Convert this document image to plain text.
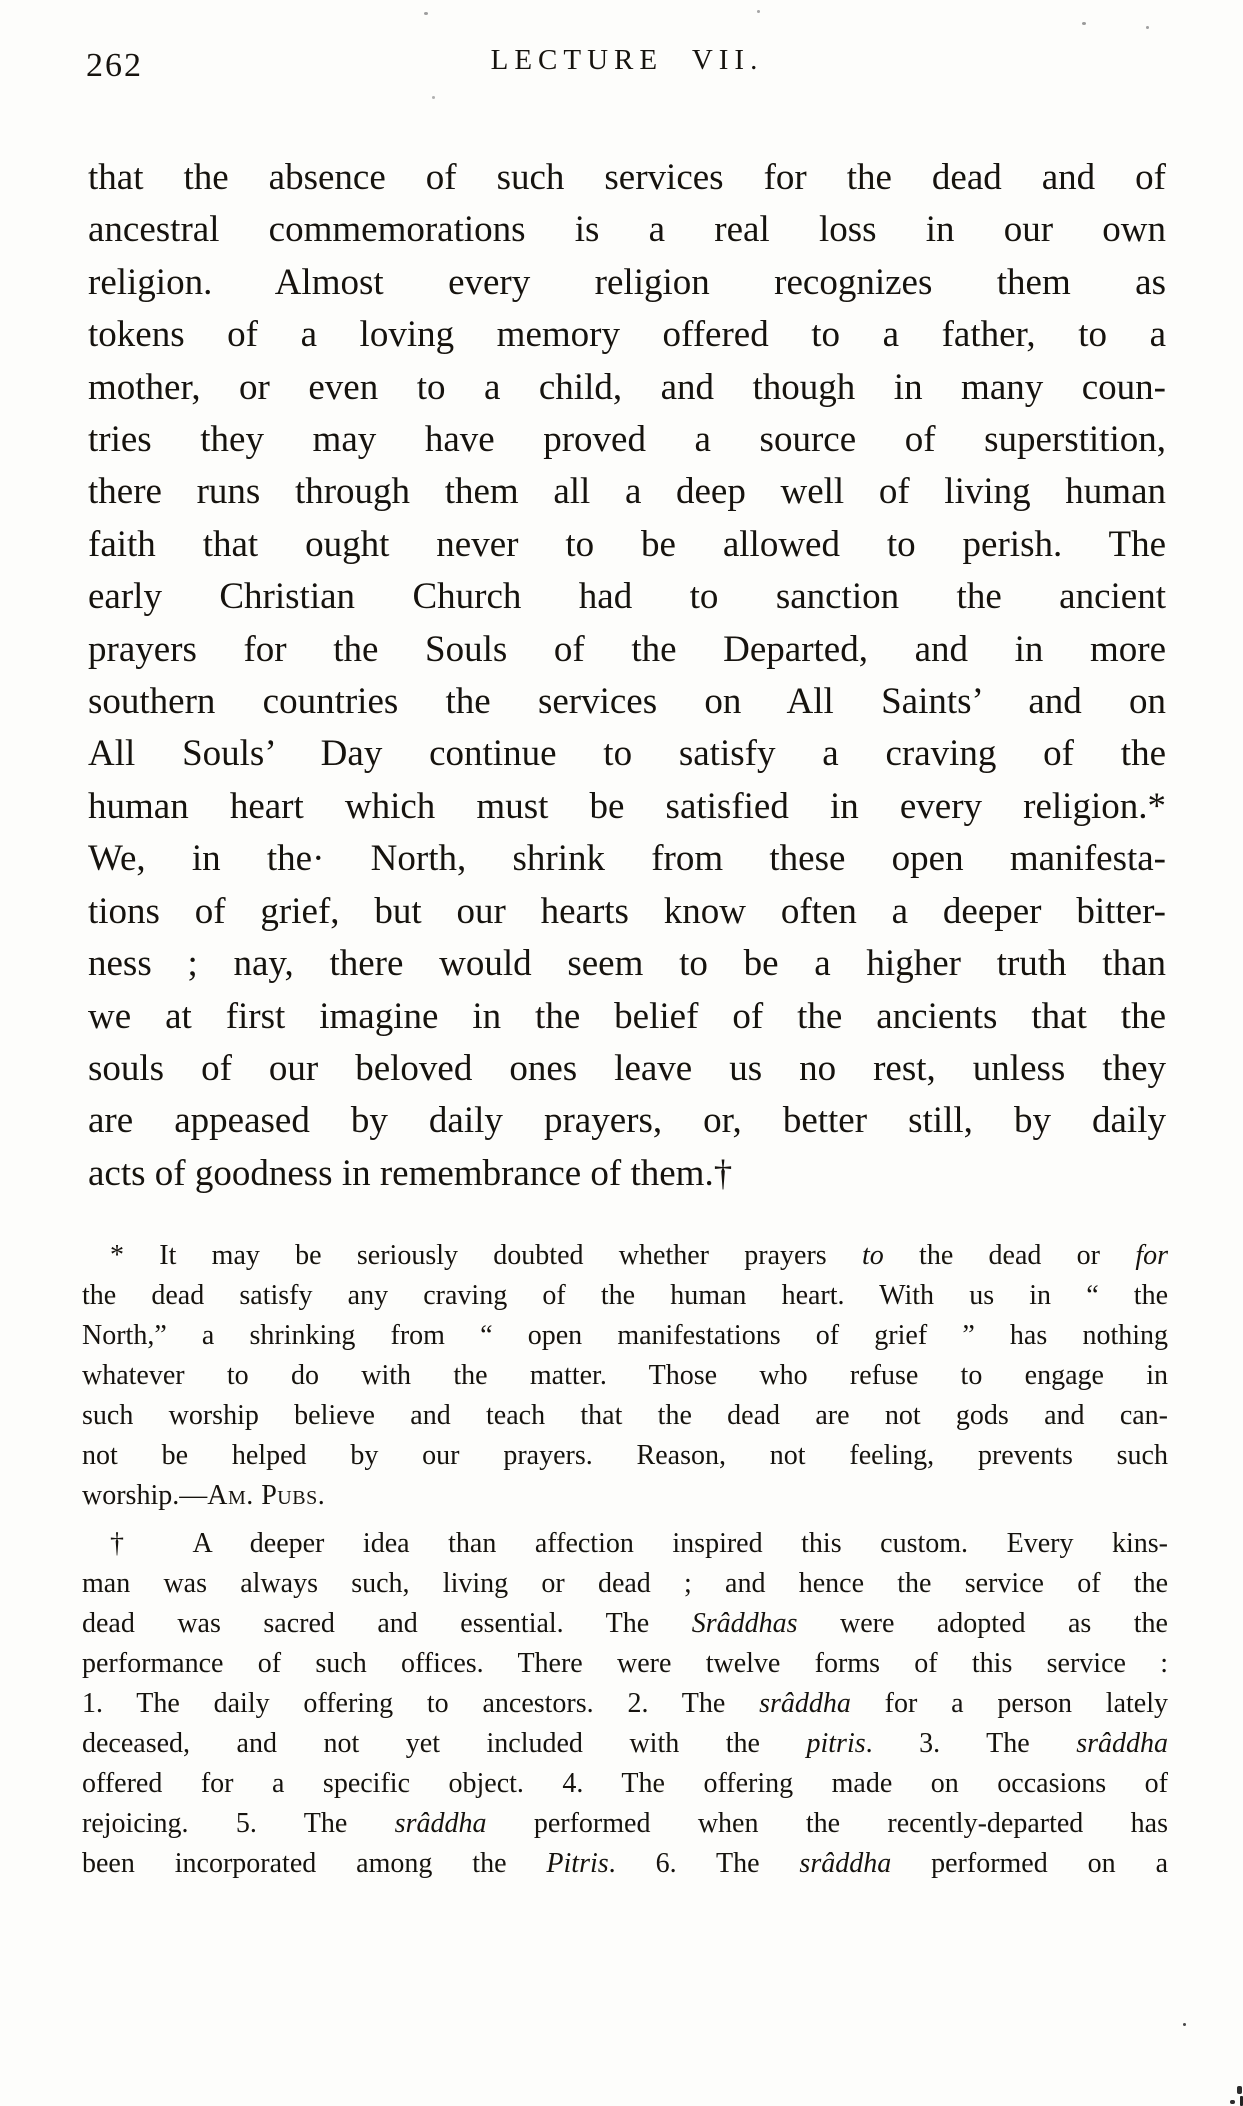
262	LECTURE VII.
that the absence of such services for the dead and of
ancestral commemorations is a real loss in our own
religion. Almost every religion recognizes them as
tokens of a loving memory offered to a father, to a
mother, or even to a child, and though in many coun-
tries they may have proved a source of superstition,
there runs through them all a deep well of living human
faith that ought never to be allowed to perish. The
early Christian Church had to sanction the ancient
prayers for the Souls of the Departed, and in more
southern countries the services on All Saints’ and on
All Souls’ Day continue to satisfy a craving of the
human heart which must be satisfied in every religion.*
We, in the· North, shrink from these open manifesta-
tions of grief, but our hearts know often a deeper bitter-
ness ; nay, there would seem to be a higher truth than
we at first imagine in the belief of the ancients that the
souls of our beloved ones leave us no rest, unless they
are appeased by daily prayers, or, better still, by daily
acts of goodness in remembrance of them.†
* It may be seriously doubted whether prayers to the dead or for
the dead satisfy any craving of the human heart. With us in “ the
North,” a shrinking from “ open manifestations of grief ” has nothing
whatever to do with the matter. Those who refuse to engage in
such worship believe and teach that the dead are not gods and can-
not be helped by our prayers. Reason, not feeling, prevents such
worship.—Am. Pubs.
† A deeper idea than affection inspired this custom. Every kins-
man was always such, living or dead ; and hence the service of the
dead was sacred and essential. The Srâddhas were adopted as the
performance of such offices. There were twelve forms of this service :
1. The daily offering to ancestors. 2. The srâddha for a person lately
deceased, and not yet included with the pitris. 3. The srâddha
offered for a specific object. 4. The offering made on occasions of
rejoicing. 5. The srâddha performed when the recently-departed has
been incorporated among the Pitris. 6. The srâddha performed on a
